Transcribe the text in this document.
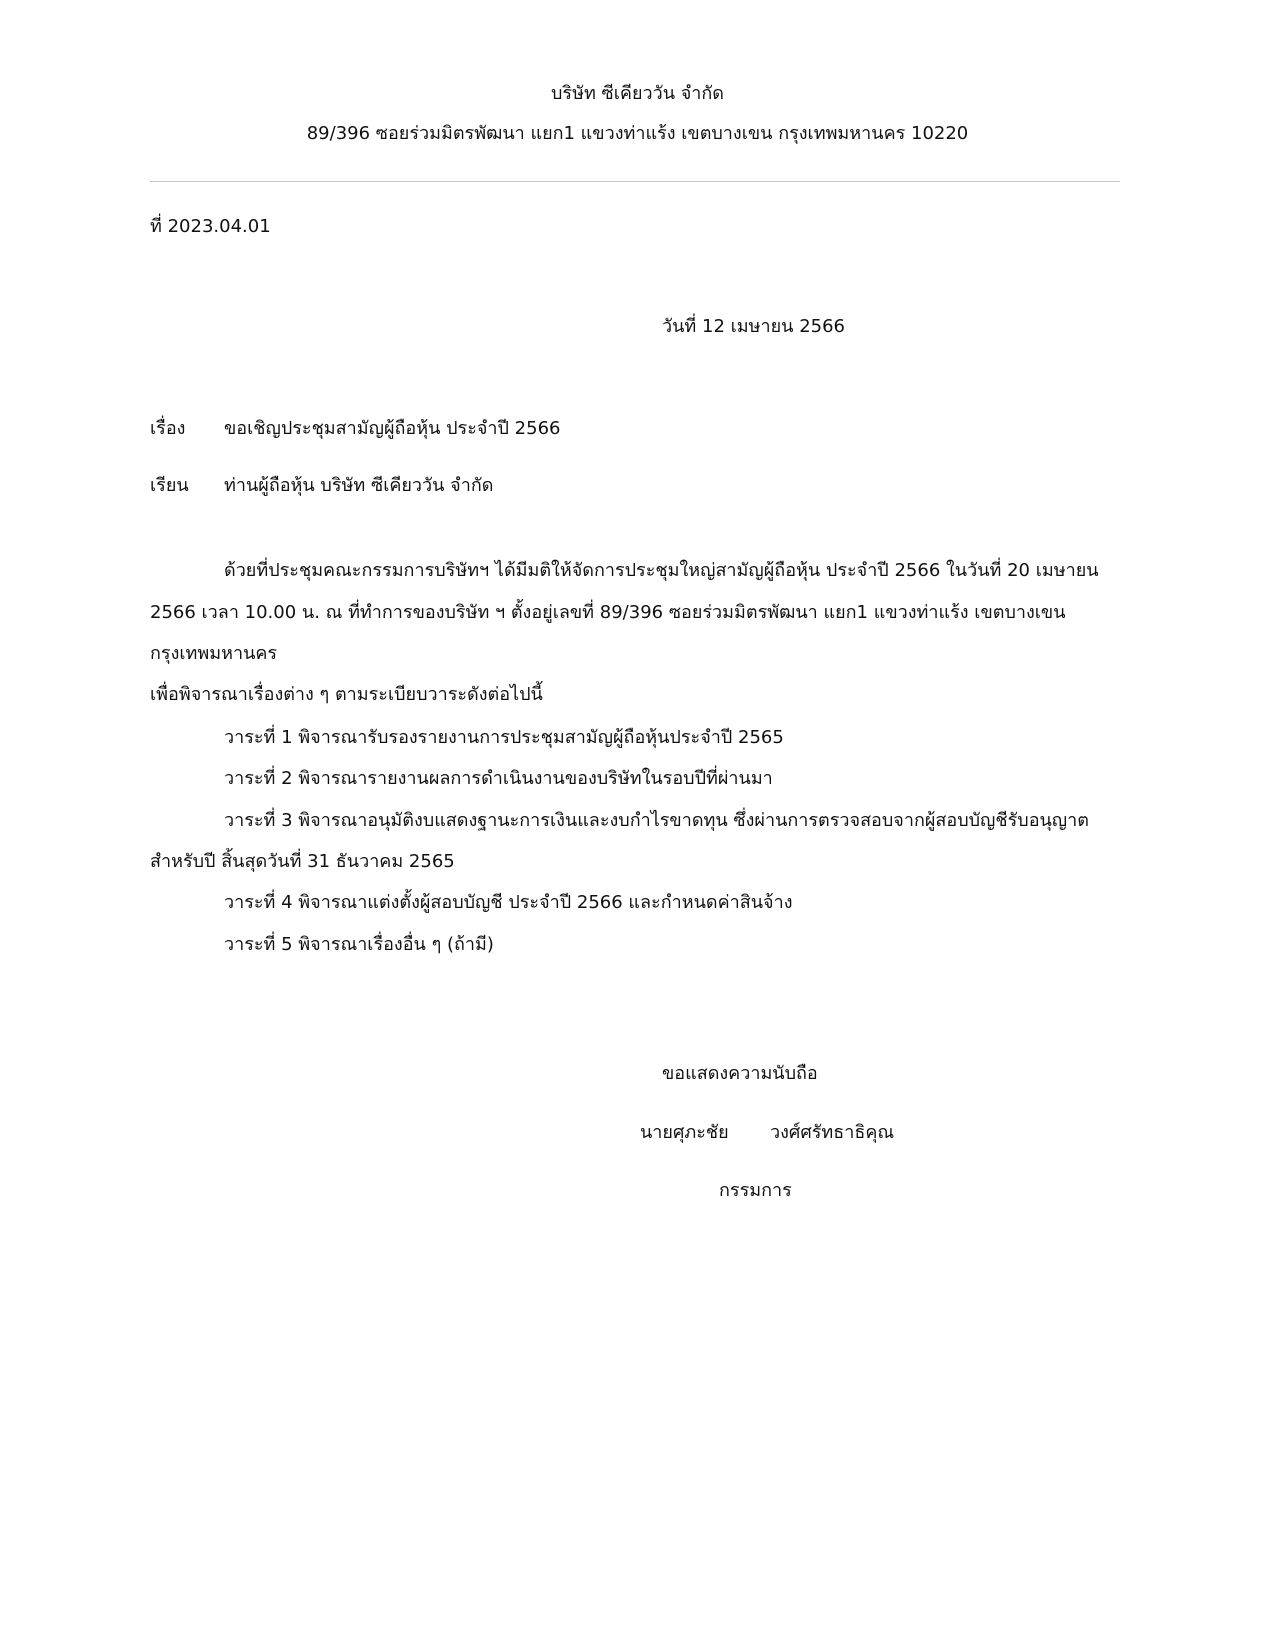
บริษัท ซีเคียววัน จำกัด
89/396 ซอยร่วมมิตรพัฒนา แยก1 แขวงท่าแร้ง เขตบางเขน กรุงเทพมหานคร 10220
ที่ 2023.04.01
วันที่ 12 เมษายน 2566
เรื่อง ขอเชิญประชุมสามัญผู้ถือหุ้น ประจำปี 2566
เรียน ท่านผู้ถือหุ้น บริษัท ซีเคียววัน จำกัด
ด้วยที่ประชุมคณะกรรมการบริษัทฯ ได้มีมติให้จัดการประชุมใหญ่สามัญผู้ถือหุ้น ประจำปี 2566 ในวันที่ 20 เมษายน
2566 เวลา 10.00 น. ณ ที่ทำการของบริษัท ฯ ตั้งอยู่เลขที่ 89/396 ซอยร่วมมิตรพัฒนา แยก1 แขวงท่าแร้ง เขตบางเขน
กรุงเทพมหานคร
เพื่อพิจารณาเรื่องต่าง ๆ ตามระเบียบวาระดังต่อไปนี้
วาระที่ 1 พิจารณารับรองรายงานการประชุมสามัญผู้ถือหุ้นประจำปี 2565
วาระที่ 2 พิจารณารายงานผลการดำเนินงานของบริษัทในรอบปีที่ผ่านมา
วาระที่ 3 พิจารณาอนุมัติงบแสดงฐานะการเงินและงบกำไรขาดทุน ซึ่งผ่านการตรวจสอบจากผู้สอบบัญชีรับอนุญาต
สำหรับปี สิ้นสุดวันที่ 31 ธันวาคม 2565
วาระที่ 4 พิจารณาแต่งตั้งผู้สอบบัญชี ประจำปี 2566 และกำหนดค่าสินจ้าง
วาระที่ 5 พิจารณาเรื่องอื่น ๆ (ถ้ามี)
ขอแสดงความนับถือ
นายศุภะชัย วงศ์ศรัทธาธิคุณ
กรรมการ
